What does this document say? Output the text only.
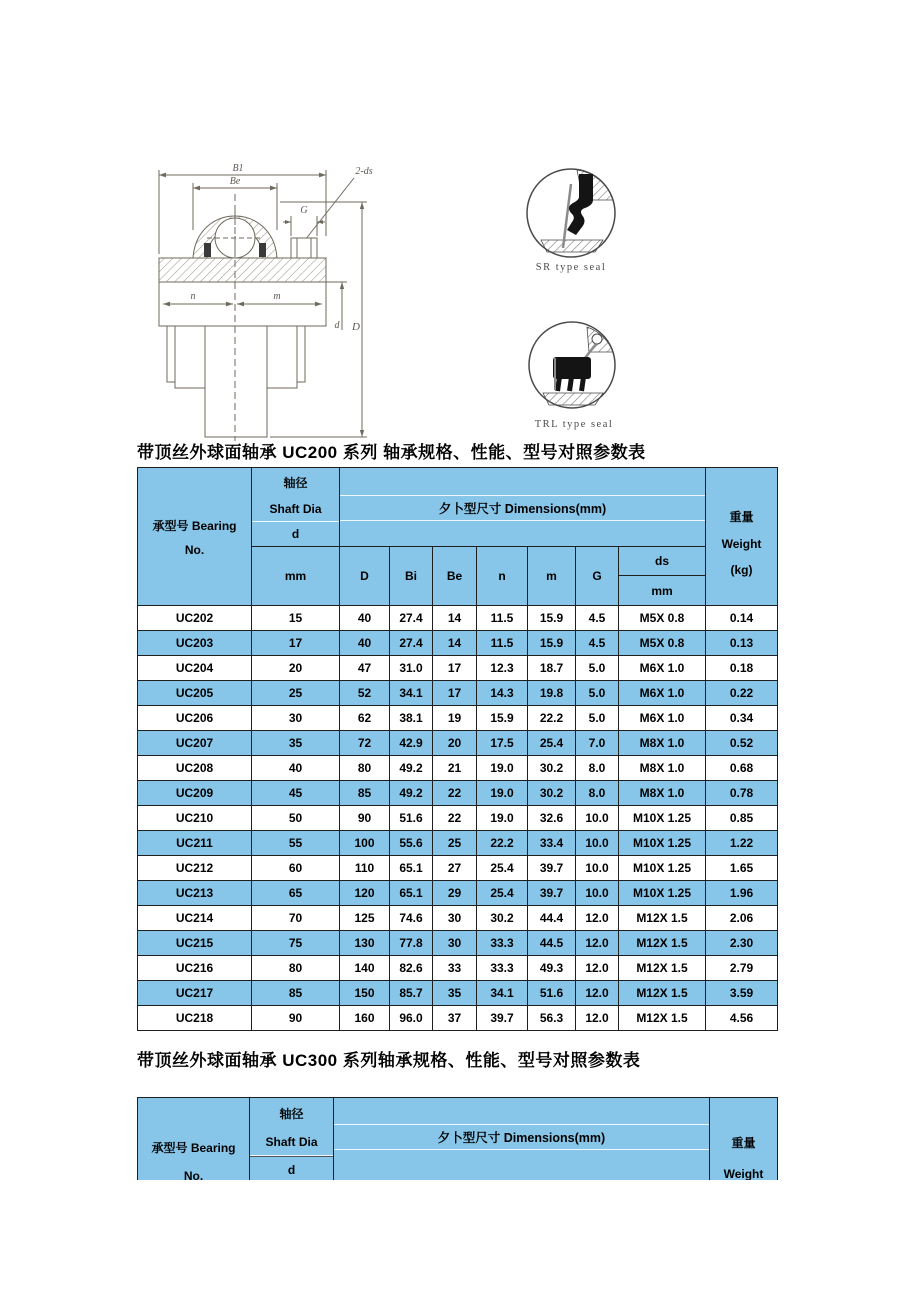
B1
Be
G
2-ds
n	m
d D
SR type seal
TRL type seal
带顶丝外球面轴承 UC200 系列 轴承规格、性能、型号对照参数表
承型号 Bearing
No.

轴径
Shaft Dia
d
mm

夕卜型尺寸 Dimensions(mm)

重量
Weight
(kg)

		D	Bi	Be	n	m	G	ds
mm	

UC202	15	40	27.4	14	11.5	15.9	4.5	M5X 0.8	0.14
UC203	17	40	27.4	14	11.5	15.9	4.5	M5X 0.8	0.13
UC204	20	47	31.0	17	12.3	18.7	5.0	M6X 1.0	0.18
UC205	25	52	34.1	17	14.3	19.8	5.0	M6X 1.0	0.22
UC206	30	62	38.1	19	15.9	22.2	5.0	M6X 1.0	0.34
UC207	35	72	42.9	20	17.5	25.4	7.0	M8X 1.0	0.52
UC208	40	80	49.2	21	19.0	30.2	8.0	M8X 1.0	0.68
UC209	45	85	49.2	22	19.0	30.2	8.0	M8X 1.0	0.78
UC210	50	90	51.6	22	19.0	32.6	10.0	M10X 1.25	0.85
UC211	55	100	55.6	25	22.2	33.4	10.0	M10X 1.25	1.22
UC212	60	110	65.1	27	25.4	39.7	10.0	M10X 1.25	1.65
UC213	65	120	65.1	29	25.4	39.7	10.0	M10X 1.25	1.96
UC214	70	125	74.6	30	30.2	44.4	12.0	M12X 1.5	2.06
UC215	75	130	77.8	30	33.3	44.5	12.0	M12X 1.5	2.30
UC216	80	140	82.6	33	33.3	49.3	12.0	M12X 1.5	2.79
UC217	85	150	85.7	35	34.1	51.6	12.0	M12X 1.5	3.59
UC218	90	160	96.0	37	39.7	56.3	12.0	M12X 1.5	4.56
带顶丝外球面轴承 UC300 系列轴承规格、性能、型号对照参数表
承型号 Bearing
No.

轴径
Shaft Dia
d

夕卜型尺寸 Dimensions(mm)	重量
Weight
